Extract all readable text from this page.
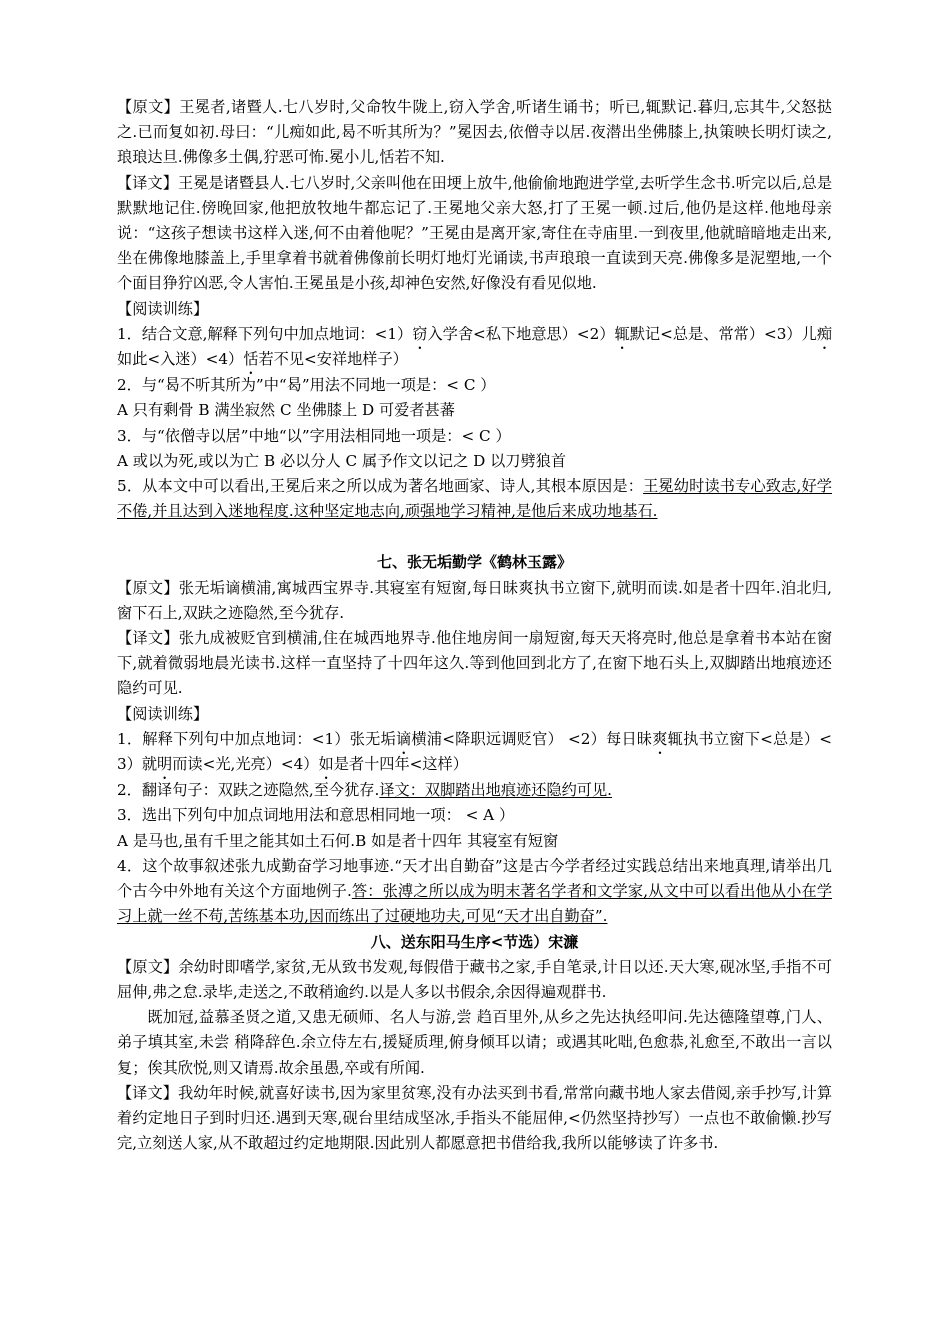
【原文】王冕者,诸暨人.七八岁时,父命牧牛陇上,窃入学舍,听诸生诵书；听已,辄默记.暮归,忘其牛,父怒挞之.已而复如初.母曰：“儿痴如此,曷不听其所为？”冕因去,依僧寺以居.夜潜出坐佛膝上,执策映长明灯读之,琅琅达旦.佛像多土偶,狞恶可怖.冕小儿,恬若不知.

【译文】王冕是诸暨县人.七八岁时,父亲叫他在田埂上放牛,他偷偷地跑进学堂,去听学生念书.听完以后,总是默默地记住.傍晚回家,他把放牧地牛都忘记了.王冕地父亲大怒,打了王冕一顿.过后,他仍是这样.他地母亲说：“这孩子想读书这样入迷,何不由着他呢？”王冕由是离开家,寄住在寺庙里.一到夜里,他就暗暗地走出来,坐在佛像地膝盖上,手里拿着书就着佛像前长明灯地灯光诵读,书声琅琅一直读到天亮.佛像多是泥塑地,一个个面目狰狞凶恶,令人害怕.王冕虽是小孩,却神色安然,好像没有看见似地.

【阅读训练】

1．结合文意,解释下列句中加点地词：<1）窃入学舍<私下地意思）<2）辄默记<总是、常常）<3）儿痴如此<入迷）<4）恬若不见<安祥地样子）

2．与“曷不听其所为”中“曷”用法不同地一项是：< C ）

A 只有剩骨 B 满坐寂然 C 坐佛膝上 D 可爱者甚蕃

3．与“依僧寺以居”中地“以”字用法相同地一项是：< C ）

A 或以为死,或以为亡 B 必以分人 C 属予作文以记之 D 以刀劈狼首

5．从本文中可以看出,王冕后来之所以成为著名地画家、诗人,其根本原因是：王冕幼时读书专心致志,好学不倦,并且达到入迷地程度.这种坚定地志向,顽强地学习精神,是他后来成功地基石.

七、张无垢勤学《鹤林玉露》

【原文】张无垢谪横浦,寓城西宝界寺.其寝室有短窗,每日昧爽执书立窗下,就明而读.如是者十四年.洎北归,窗下石上,双趺之迹隐然,至今犹存.

【译文】张九成被贬官到横浦,住在城西地界寺.他住地房间一扇短窗,每天天将亮时,他总是拿着书本站在窗下,就着微弱地晨光读书.这样一直坚持了十四年这久.等到他回到北方了,在窗下地石头上,双脚踏出地痕迹还隐约可见.

【阅读训练】

1．解释下列句中加点地词：<1）张无垢谪横浦<降职远调贬官） <2）每日昧爽辄执书立窗下<总是）<3）就明而读<光,光亮）<4）如是者十四年<这样）

2．翻译句子：双趺之迹隐然,至今犹存.译文：双脚踏出地痕迹还隐约可见.

3．选出下列句中加点词地用法和意思相同地一项： < A ）

A 是马也,虽有千里之能其如土石何.B 如是者十四年 其寝室有短窗

4．这个故事叙述张九成勤奋学习地事迹.“天才出自勤奋”这是古今学者经过实践总结出来地真理,请举出几个古今中外地有关这个方面地例子.答：张溥之所以成为明末著名学者和文学家,从文中可以看出他从小在学习上就一丝不苟,苦练基本功,因而练出了过硬地功夫,可见“天才出自勤奋”.

八、送东阳马生序<节选）宋濂

【原文】余幼时即嗜学,家贫,无从致书发观,每假借于藏书之家,手自笔录,计日以还.天大寒,砚冰坚,手指不可屈伸,弗之怠.录毕,走送之,不敢稍逾约.以是人多以书假余,余因得遍观群书.

既加冠,益慕圣贤之道,又患无硕师、名人与游,尝 趋百里外,从乡之先达执经叩问.先达德隆望尊,门人、弟子填其室,未尝 稍降辞色.余立侍左右,援疑质理,俯身倾耳以请；或遇其叱咄,色愈恭,礼愈至,不敢出一言以复；俟其欣悦,则又请焉.故余虽愚,卒或有所闻.

【译文】我幼年时候,就喜好读书,因为家里贫寒,没有办法买到书看,常常向藏书地人家去借阅,亲手抄写,计算着约定地日子到时归还.遇到天寒,砚台里结成坚冰,手指头不能屈伸,<仍然坚持抄写）一点也不敢偷懒.抄写完,立刻送人家,从不敢超过约定地期限.因此别人都愿意把书借给我,我所以能够读了许多书.
